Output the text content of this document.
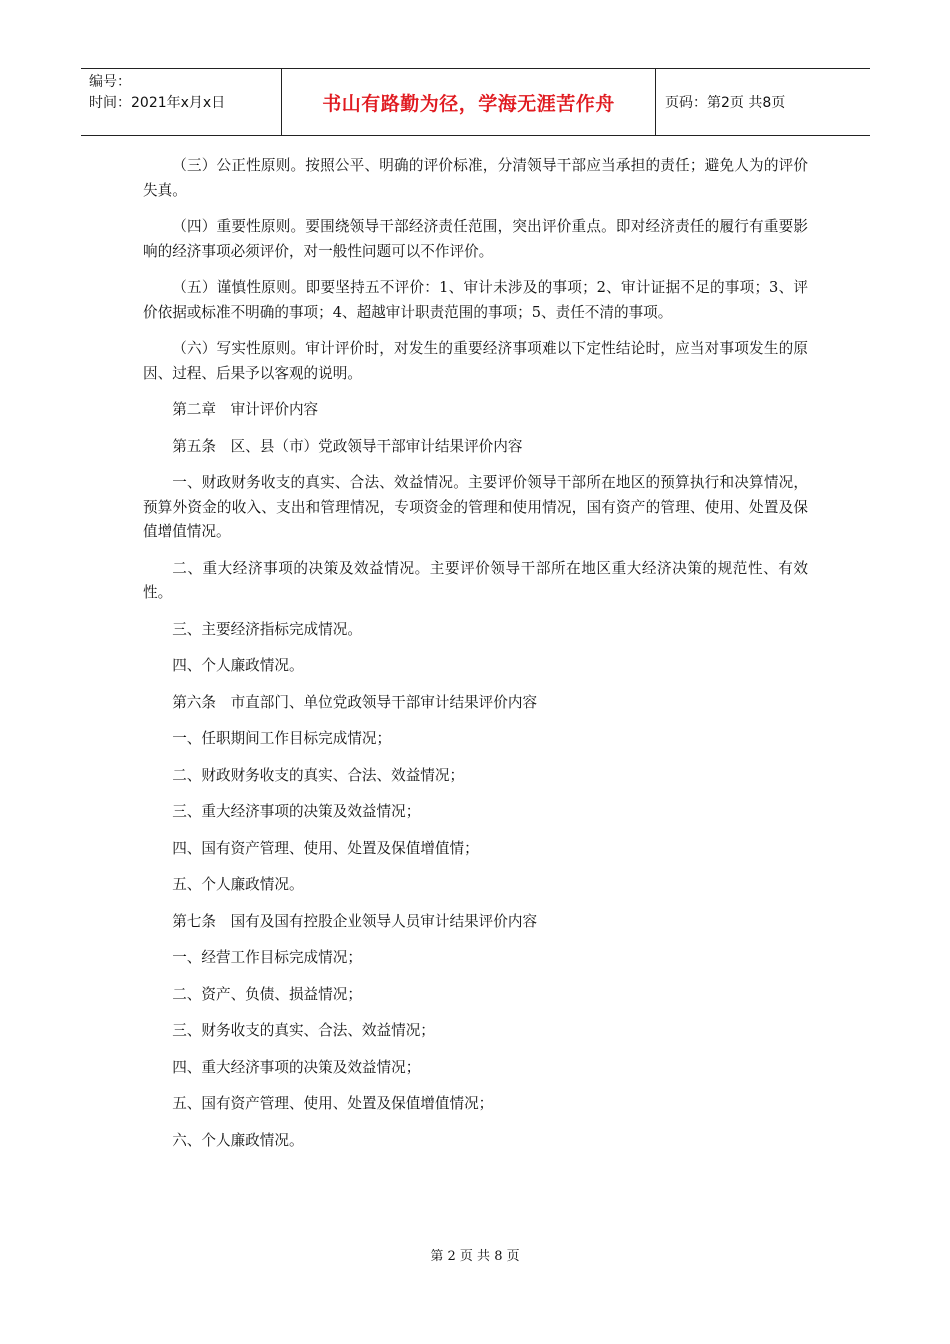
编号：
时间：2021年x月x日	书山有路勤为径，学海无涯苦作舟	页码：第2页 共8页

（三）公正性原则。按照公平、明确的评价标准，分清领导干部应当承担的责任；避免人为的评价失真。

（四）重要性原则。要围绕领导干部经济责任范围，突出评价重点。即对经济责任的履行有重要影响的经济事项必须评价，对一般性问题可以不作评价。

（五）谨慎性原则。即要坚持五不评价：1、审计未涉及的事项；2、审计证据不足的事项；3、评价依据或标准不明确的事项；4、超越审计职责范围的事项；5、责任不清的事项。

（六）写实性原则。审计评价时，对发生的重要经济事项难以下定性结论时，应当对事项发生的原因、过程、后果予以客观的说明。

第二章　审计评价内容

第五条　区、县（市）党政领导干部审计结果评价内容

一、财政财务收支的真实、合法、效益情况。主要评价领导干部所在地区的预算执行和决算情况，预算外资金的收入、支出和管理情况，专项资金的管理和使用情况，国有资产的管理、使用、处置及保值增值情况。

二、重大经济事项的决策及效益情况。主要评价领导干部所在地区重大经济决策的规范性、有效性。

三、主要经济指标完成情况。

四、个人廉政情况。

第六条　市直部门、单位党政领导干部审计结果评价内容

一、任职期间工作目标完成情况；

二、财政财务收支的真实、合法、效益情况；

三、重大经济事项的决策及效益情况；

四、国有资产管理、使用、处置及保值增值情；

五、个人廉政情况。

第七条　国有及国有控股企业领导人员审计结果评价内容

一、经营工作目标完成情况；

二、资产、负债、损益情况；

三、财务收支的真实、合法、效益情况；

四、重大经济事项的决策及效益情况；

五、国有资产管理、使用、处置及保值增值情况；

六、个人廉政情况。

第 2 页 共 8 页
